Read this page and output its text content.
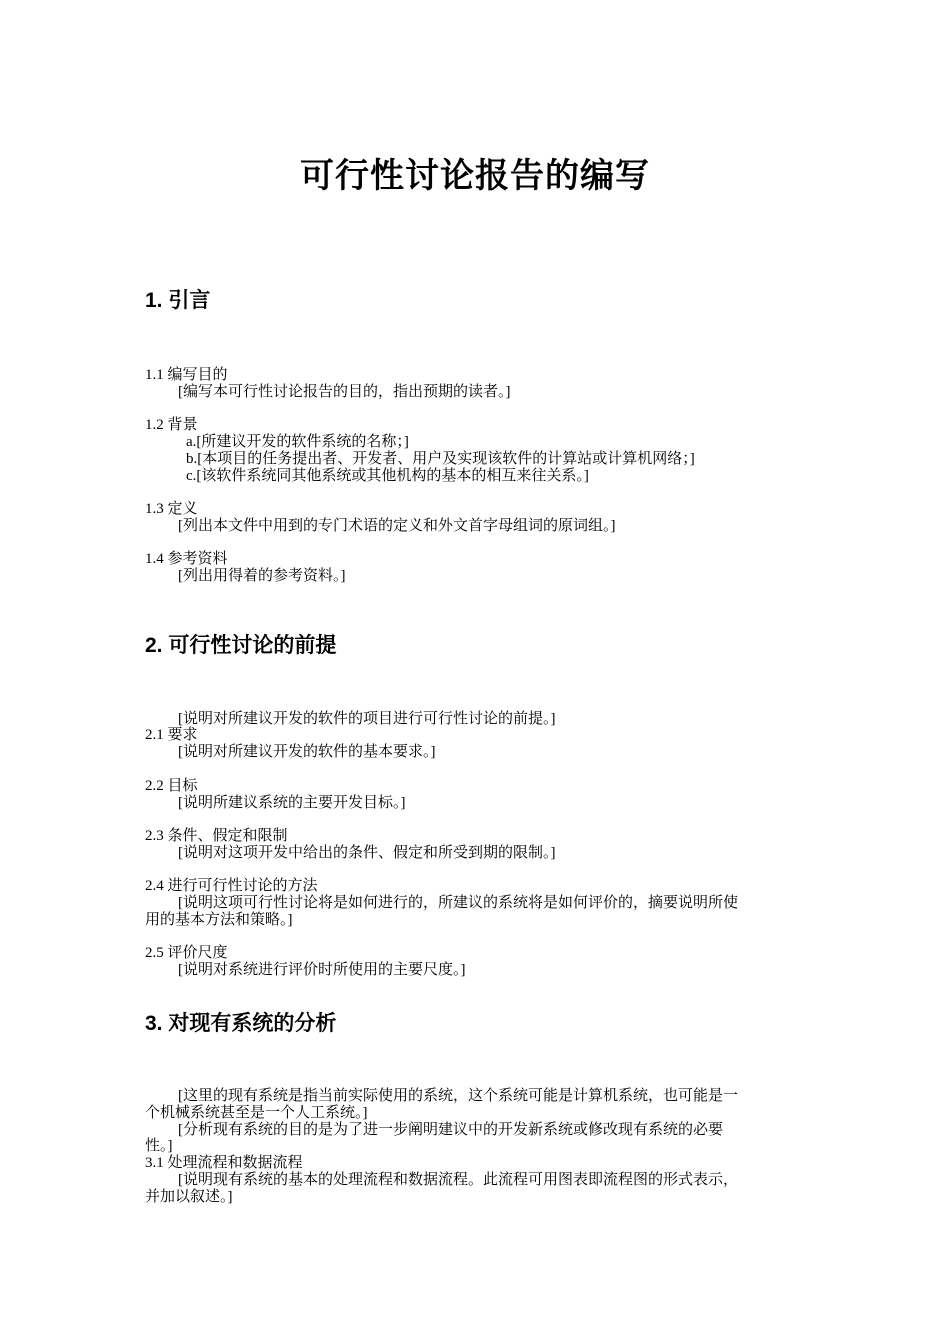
可行性讨论报告的编写
1. 引言
1.1 编写目的
[编写本可行性讨论报告的目的，指出预期的读者。]
1.2 背景
a.[所建议开发的软件系统的名称；]
b.[本项目的任务提出者、开发者、用户及实现该软件的计算站或计算机网络；]
c.[该软件系统同其他系统或其他机构的基本的相互来往关系。]
1.3 定义
[列出本文件中用到的专门术语的定义和外文首字母组词的原词组。]
1.4 参考资料
[列出用得着的参考资料。]
2. 可行性讨论的前提
[说明对所建议开发的软件的项目进行可行性讨论的前提。]
2.1 要求
[说明对所建议开发的软件的基本要求。]
2.2 目标
[说明所建议系统的主要开发目标。]
2.3 条件、假定和限制
[说明对这项开发中给出的条件、假定和所受到期的限制。]
2.4 进行可行性讨论的方法
[说明这项可行性讨论将是如何进行的，所建议的系统将是如何评价的，摘要说明所使
用的基本方法和策略。]
2.5 评价尺度
[说明对系统进行评价时所使用的主要尺度。]
3. 对现有系统的分析
[这里的现有系统是指当前实际使用的系统，这个系统可能是计算机系统，也可能是一
个机械系统甚至是一个人工系统。]
[分析现有系统的目的是为了进一步阐明建议中的开发新系统或修改现有系统的必要
性。]
3.1 处理流程和数据流程
[说明现有系统的基本的处理流程和数据流程。此流程可用图表即流程图的形式表示，
并加以叙述。]
